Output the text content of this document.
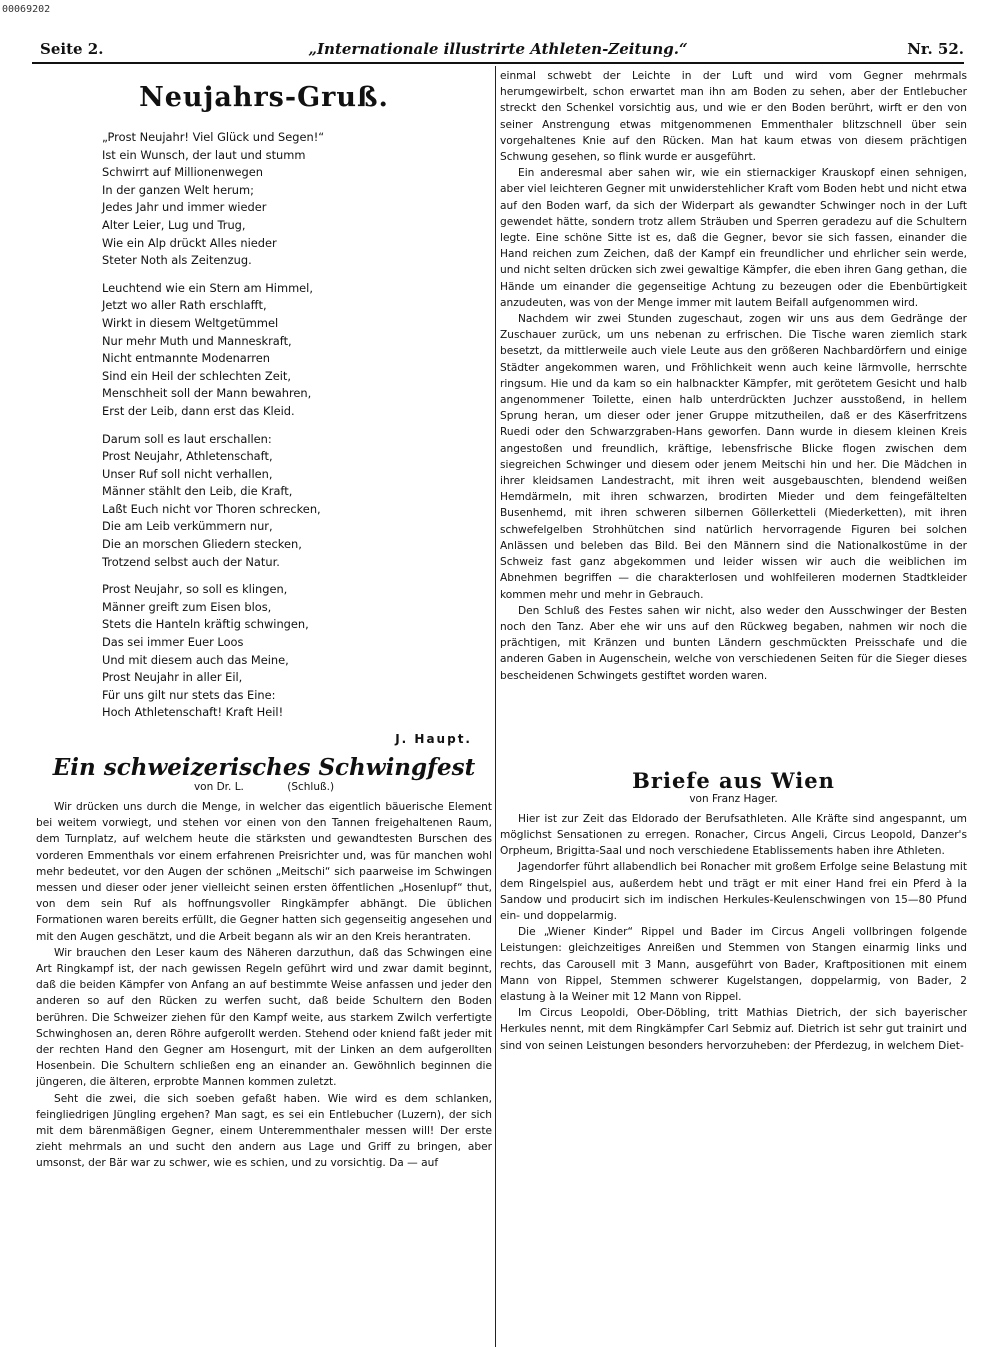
00069202
Seite 2.	„Internationale illustrirte Athleten-Zeitung.“	Nr. 52.
Neujahrs-Gruß.

„Prost Neujahr! Viel Glück und Segen!“

Ist ein Wunsch, der laut und stumm

Schwirrt auf Millionenwegen

In der ganzen Welt herum;

Jedes Jahr und immer wieder

Alter Leier, Lug und Trug,

Wie ein Alp drückt Alles nieder

Steter Noth als Zeitenzug.

Leuchtend wie ein Stern am Himmel,

Jetzt wo aller Rath erschlafft,

Wirkt in diesem Weltgetümmel

Nur mehr Muth und Manneskraft,

Nicht entmannte Modenarren

Sind ein Heil der schlechten Zeit,

Menschheit soll der Mann bewahren,

Erst der Leib, dann erst das Kleid.

Darum soll es laut erschallen:

Prost Neujahr, Athletenschaft,

Unser Ruf soll nicht verhallen,

Männer stählt den Leib, die Kraft,

Laßt Euch nicht vor Thoren schrecken,

Die am Leib verkümmern nur,

Die an morschen Gliedern stecken,

Trotzend selbst auch der Natur.

Prost Neujahr, so soll es klingen,

Männer greift zum Eisen blos,

Stets die Hanteln kräftig schwingen,

Das sei immer Euer Loos

Und mit diesem auch das Meine,

Prost Neujahr in aller Eil,

Für uns gilt nur stets das Eine:

Hoch Athletenschaft! Kraft Heil!

J. Haupt.
Ein schweizerisches Schwingfest
von Dr. L.	(Schluß.)

Wir drücken uns durch die Menge, in welcher das eigentlich bäuerische Element bei weitem vorwiegt, und stehen vor einen von den Tannen freigehaltenen Raum, dem Turnplatz, auf welchem heute die stärksten und gewandtesten Burschen des vorderen Emmenthals vor einem erfahrenen Preisrichter und, was für manchen wohl mehr bedeutet, vor den Augen der schönen „Meitschi“ sich paarweise im Schwingen messen und dieser oder jener vielleicht seinen ersten öffentlichen „Hosenlupf“ thut, von dem sein Ruf als hoffnungsvoller Ringkämpfer abhängt. Die üblichen Formationen waren bereits erfüllt, die Gegner hatten sich gegenseitig angesehen und mit den Augen geschätzt, und die Arbeit begann als wir an den Kreis herantraten.

Wir brauchen den Leser kaum des Näheren darzuthun, daß das Schwingen eine Art Ringkampf ist, der nach gewissen Regeln geführt wird und zwar damit beginnt, daß die beiden Kämpfer von Anfang an auf bestimmte Weise anfassen und jeder den anderen so auf den Rücken zu werfen sucht, daß beide Schultern den Boden berühren. Die Schweizer ziehen für den Kampf weite, aus starkem Zwilch verfertigte Schwinghosen an, deren Röhre aufgerollt werden. Stehend oder kniend faßt jeder mit der rechten Hand den Gegner am Hosengurt, mit der Linken an dem aufgerollten Hosenbein. Die Schultern schließen eng an einander an. Gewöhnlich beginnen die jüngeren, die älteren, erprobte Mannen kommen zuletzt.

Seht die zwei, die sich soeben gefaßt haben. Wie wird es dem schlanken, feingliedrigen Jüngling ergehen? Man sagt, es sei ein Entlebucher (Luzern), der sich mit dem bärenmäßigen Gegner, einem Unteremmenthaler messen will! Der erste zieht mehrmals an und sucht den andern aus Lage und Griff zu bringen, aber umsonst, der Bär war zu schwer, wie es schien, und zu vorsichtig. Da — auf

einmal schwebt der Leichte in der Luft und wird vom Gegner mehrmals herumgewirbelt, schon erwartet man ihn am Boden zu sehen, aber der Entlebucher streckt den Schenkel vorsichtig aus, und wie er den Boden berührt, wirft er den von seiner Anstrengung etwas mitgenommenen Emmenthaler blitzschnell über sein vorgehaltenes Knie auf den Rücken. Man hat kaum etwas von diesem prächtigen Schwung gesehen, so flink wurde er ausgeführt.

Ein anderesmal aber sahen wir, wie ein stiernackiger Krauskopf einen sehnigen, aber viel leichteren Gegner mit unwiderstehlicher Kraft vom Boden hebt und nicht etwa auf den Boden warf, da sich der Widerpart als gewandter Schwinger noch in der Luft gewendet hätte, sondern trotz allem Sträuben und Sperren geradezu auf die Schultern legte. Eine schöne Sitte ist es, daß die Gegner, bevor sie sich fassen, einander die Hand reichen zum Zeichen, daß der Kampf ein freundlicher und ehrlicher sein werde, und nicht selten drücken sich zwei gewaltige Kämpfer, die eben ihren Gang gethan, die Hände um einander die gegenseitige Achtung zu bezeugen oder die Ebenbürtigkeit anzudeuten, was von der Menge immer mit lautem Beifall aufgenommen wird.

Nachdem wir zwei Stunden zugeschaut, zogen wir uns aus dem Gedränge der Zuschauer zurück, um uns nebenan zu erfrischen. Die Tische waren ziemlich stark besetzt, da mittlerweile auch viele Leute aus den größeren Nachbardörfern und einige Städter angekommen waren, und Fröhlichkeit wenn auch keine lärmvolle, herrschte ringsum. Hie und da kam so ein halbnackter Kämpfer, mit gerötetem Gesicht und halb angenommener Toilette, einen halb unterdrückten Juchzer ausstoßend, in hellem Sprung heran, um dieser oder jener Gruppe mitzutheilen, daß er des Käserfritzens Ruedi oder den Schwarzgraben-Hans geworfen. Dann wurde in diesem kleinen Kreis angestoßen und freundlich, kräftige, lebensfrische Blicke flogen zwischen dem siegreichen Schwinger und diesem oder jenem Meitschi hin und her. Die Mädchen in ihrer kleidsamen Landestracht, mit ihren weit ausgebauschten, blendend weißen Hemdärmeln, mit ihren schwarzen, brodirten Mieder und dem feingefältelten Busenhemd, mit ihren schweren silbernen Göllerketteli (Miederketten), mit ihren schwefelgelben Strohhütchen sind natürlich hervorragende Figuren bei solchen Anlässen und beleben das Bild. Bei den Männern sind die Nationalkostüme in der Schweiz fast ganz abgekommen und leider wissen wir auch die weiblichen im Abnehmen begriffen — die charakterlosen und wohlfeileren modernen Stadtkleider kommen mehr und mehr in Gebrauch.

Den Schluß des Festes sahen wir nicht, also weder den Ausschwinger der Besten noch den Tanz. Aber ehe wir uns auf den Rückweg begaben, nahmen wir noch die prächtigen, mit Kränzen und bunten Ländern geschmückten Preisschafe und die anderen Gaben in Augenschein, welche von verschiedenen Seiten für die Sieger dieses bescheidenen Schwingets gestiftet worden waren.

Briefe aus Wien
von Franz Hager.

Hier ist zur Zeit das Eldorado der Berufsathleten. Alle Kräfte sind angespannt, um möglichst Sensationen zu erregen. Ronacher, Circus Angeli, Circus Leopold, Danzer's Orpheum, Brigitta-Saal und noch verschiedene Etablissements haben ihre Athleten.

Jagendorfer führt allabendlich bei Ronacher mit großem Erfolge seine Belastung mit dem Ringelspiel aus, außerdem hebt und trägt er mit einer Hand frei ein Pferd à la Sandow und producirt sich im indischen Herkules-Keulenschwingen von 15—80 Pfund ein- und doppelarmig.

Die „Wiener Kinder“ Rippel und Bader im Circus Angeli vollbringen folgende Leistungen: gleichzeitiges Anreißen und Stemmen von Stangen einarmig links und rechts, das Carousell mit 3 Mann, ausgeführt von Bader, Kraftpositionen mit einem Mann von Rippel, Stemmen schwerer Kugelstangen, doppelarmig, von Bader, 2 elastung à la Weiner mit 12 Mann von Rippel.

Im Circus Leopoldi, Ober-Döbling, tritt Mathias Dietrich, der sich bayerischer Herkules nennt, mit dem Ringkämpfer Carl Sebmiz auf. Dietrich ist sehr gut trainirt und sind von seinen Leistungen besonders hervorzuheben: der Pferdezug, in welchem Diet-
